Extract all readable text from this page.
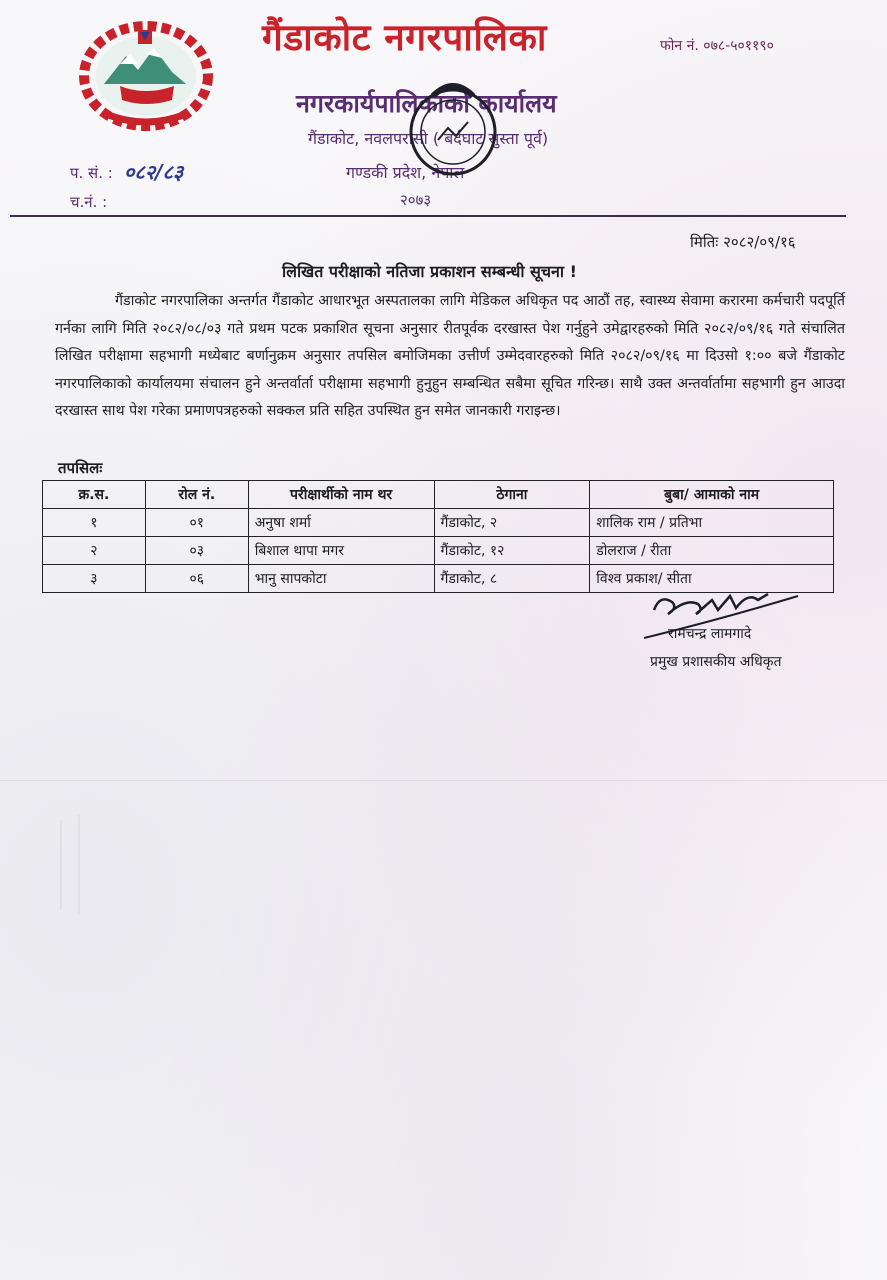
गैंडाकोट नगरपालिका	फोन नं. ०७८-५०११९०
नगरकार्यपालिकाको कार्यालय
गैंडाकोट, नवलपरासी ( बर्दघाट सुस्ता पूर्व)
गण्डकी प्रदेश, नेपाल
२०७३
प. सं. : ०८२/८३
च.नं. :
मितिः २०८२/०९/१६
लिखित परीक्षाको नतिजा प्रकाशन सम्बन्धी सूचना !

गैंडाकोट नगरपालिका अन्तर्गत गैंडाकोट आधारभूत अस्पतालका लागि मेडिकल अधिकृत पद आठौं तह, स्वास्थ्य सेवामा करारमा कर्मचारी पदपूर्ति गर्नका लागि मिति २०८२/०८/०३ गते प्रथम पटक प्रकाशित सूचना अनुसार रीतपूर्वक दरखास्त पेश गर्नुहुने उमेद्वारहरुको मिति २०८२/०९/१६ गते संचालित लिखित परीक्षामा सहभागी मध्येबाट बर्णानुक्रम अनुसार तपसिल बमोजिमका उत्तीर्ण उम्मेदवारहरुको मिति २०८२/०९/१६ मा दिउसो १:०० बजे गैंडाकोट नगरपालिकाको कार्यालयमा संचालन हुने अन्तर्वार्ता परीक्षामा सहभागी हुनुहुन सम्बन्धित सबैमा सूचित गरिन्छ। साथै उक्त अन्तर्वार्तामा सहभागी हुन आउदा दरखास्त साथ पेश गरेका प्रमाणपत्रहरुको सक्कल प्रति सहित उपस्थित हुन समेत जानकारी गराइन्छ।

तपसिलः
क्र.स.	रोल नं.	परीक्षार्थीको नाम थर	ठेगाना	बुबा/ आमाको नाम
१	०१	अनुषा शर्मा	गैंडाकोट, २	शालिक राम / प्रतिभा
२	०३	बिशाल थापा मगर	गैंडाकोट, १२	डोलराज / रीता
३	०६	भानु सापकोटा	गैंडाकोट, ८	विश्व प्रकाश/ सीता
रामचन्द्र लामगादे
प्रमुख प्रशासकीय अधिकृत
